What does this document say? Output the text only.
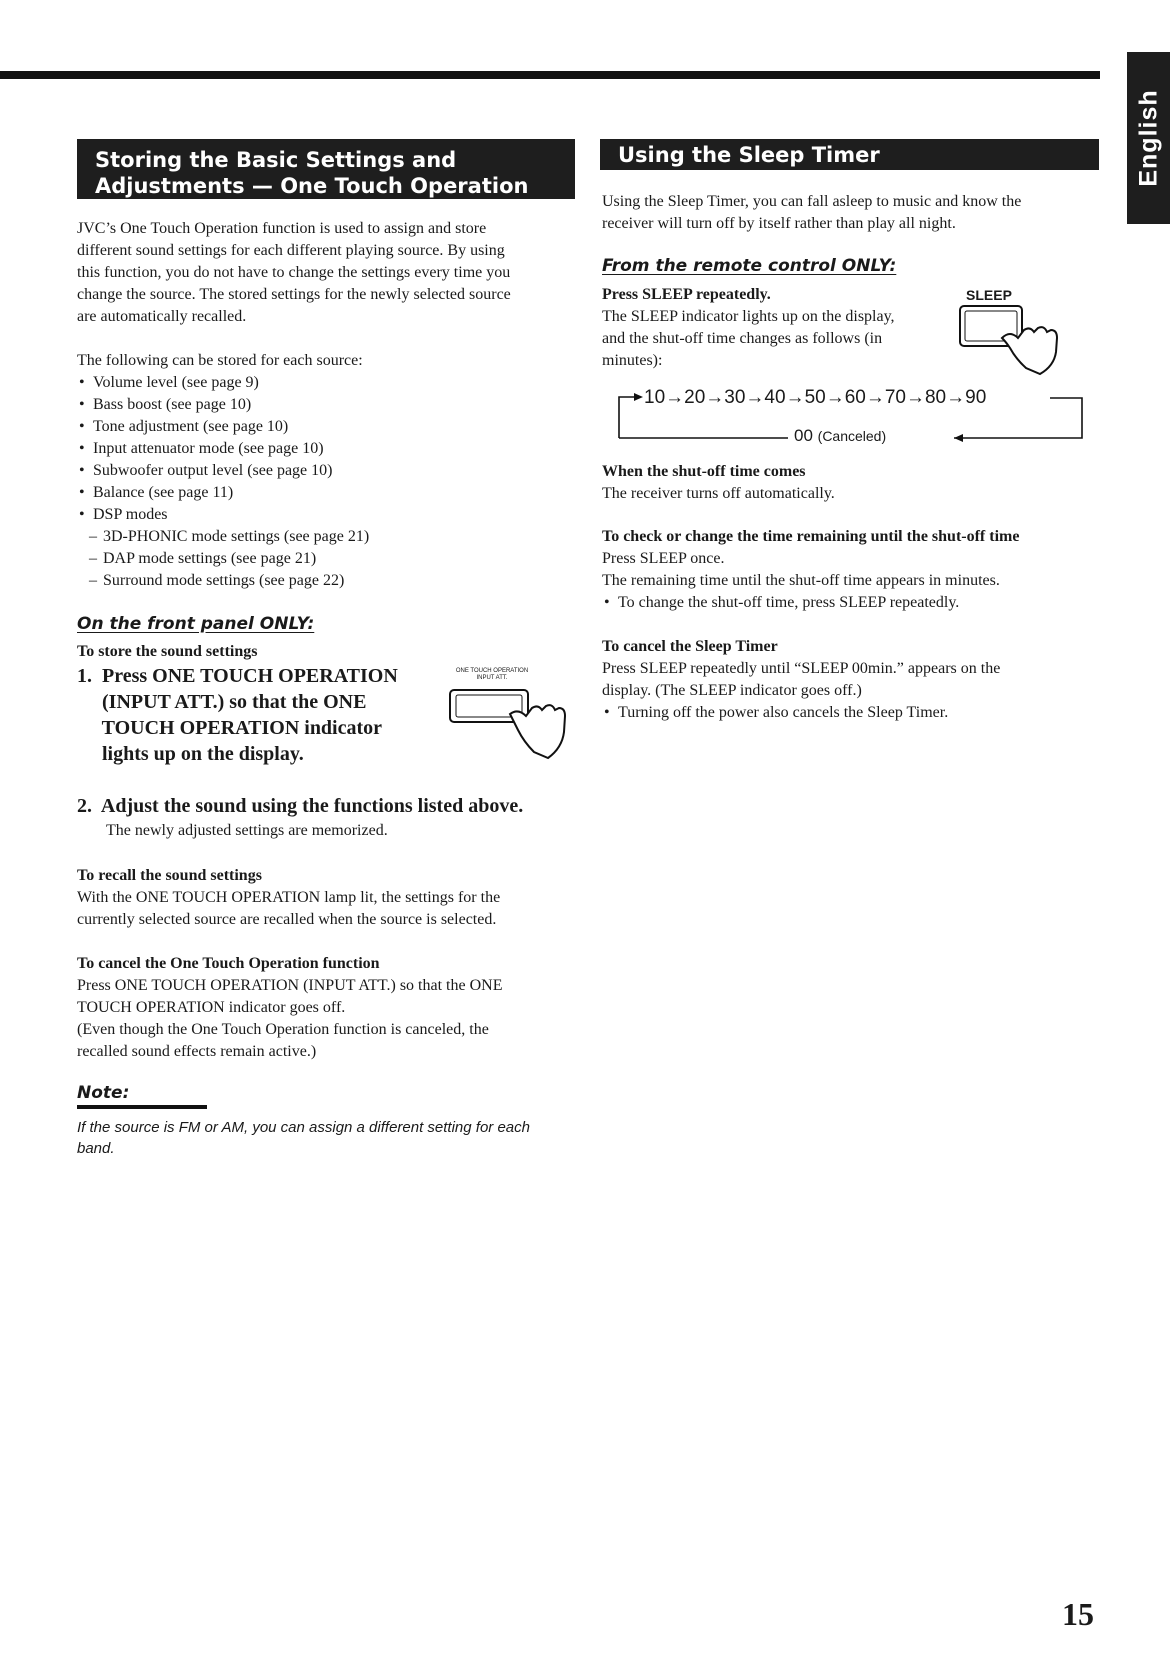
English
Storing the Basic Settings and
Adjustments — One Touch Operation

JVC’s One Touch Operation function is used to assign and store

different sound settings for each different playing source. By using

this function, you do not have to change the settings every time you

change the source. The stored settings for the newly selected source

are automatically recalled.

The following can be stored for each source:

• Volume level (see page 9)
• Bass boost (see page 10)
• Tone adjustment (see page 10)
• Input attenuator mode (see page 10)
• Subwoofer output level (see page 10)
• Balance (see page 11)
• DSP modes
– 3D-PHONIC mode settings (see page 21)
– DAP mode settings (see page 21)
– Surround mode settings (see page 22)
On the front panel ONLY:
To store the sound settings

1.  Press ONE TOUCH OPERATION

(INPUT ATT.) so that the ONE

TOUCH OPERATION indicator

lights up on the display.

ONE TOUCH OPERATION
INPUT ATT.
2.  Adjust the sound using the functions listed above.
The newly adjusted settings are memorized.

To recall the sound settings

With the ONE TOUCH OPERATION lamp lit, the settings for the

currently selected source are recalled when the source is selected.

To cancel the One Touch Operation function

Press ONE TOUCH OPERATION (INPUT ATT.) so that the ONE

TOUCH OPERATION indicator goes off.

(Even though the One Touch Operation function is canceled, the

recalled sound effects remain active.)

Note:

If the source is FM or AM, you can assign a different setting for each

band.

Using the Sleep Timer

Using the Sleep Timer, you can fall asleep to music and know the

receiver will turn off by itself rather than play all night.

From the remote control ONLY:

Press SLEEP repeatedly.

The SLEEP indicator lights up on the display,

and the shut-off time changes as follows (in

minutes):

SLEEP
10→20→30→40→50→60→70→80→90
00 (Canceled)

When the shut-off time comes

The receiver turns off automatically.

To check or change the time remaining until the shut-off time

Press SLEEP once.

The remaining time until the shut-off time appears in minutes.

• To change the shut-off time, press SLEEP repeatedly.

To cancel the Sleep Timer

Press SLEEP repeatedly until “SLEEP 00min.” appears on the

display. (The SLEEP indicator goes off.)

• Turning off the power also cancels the Sleep Timer.
15
